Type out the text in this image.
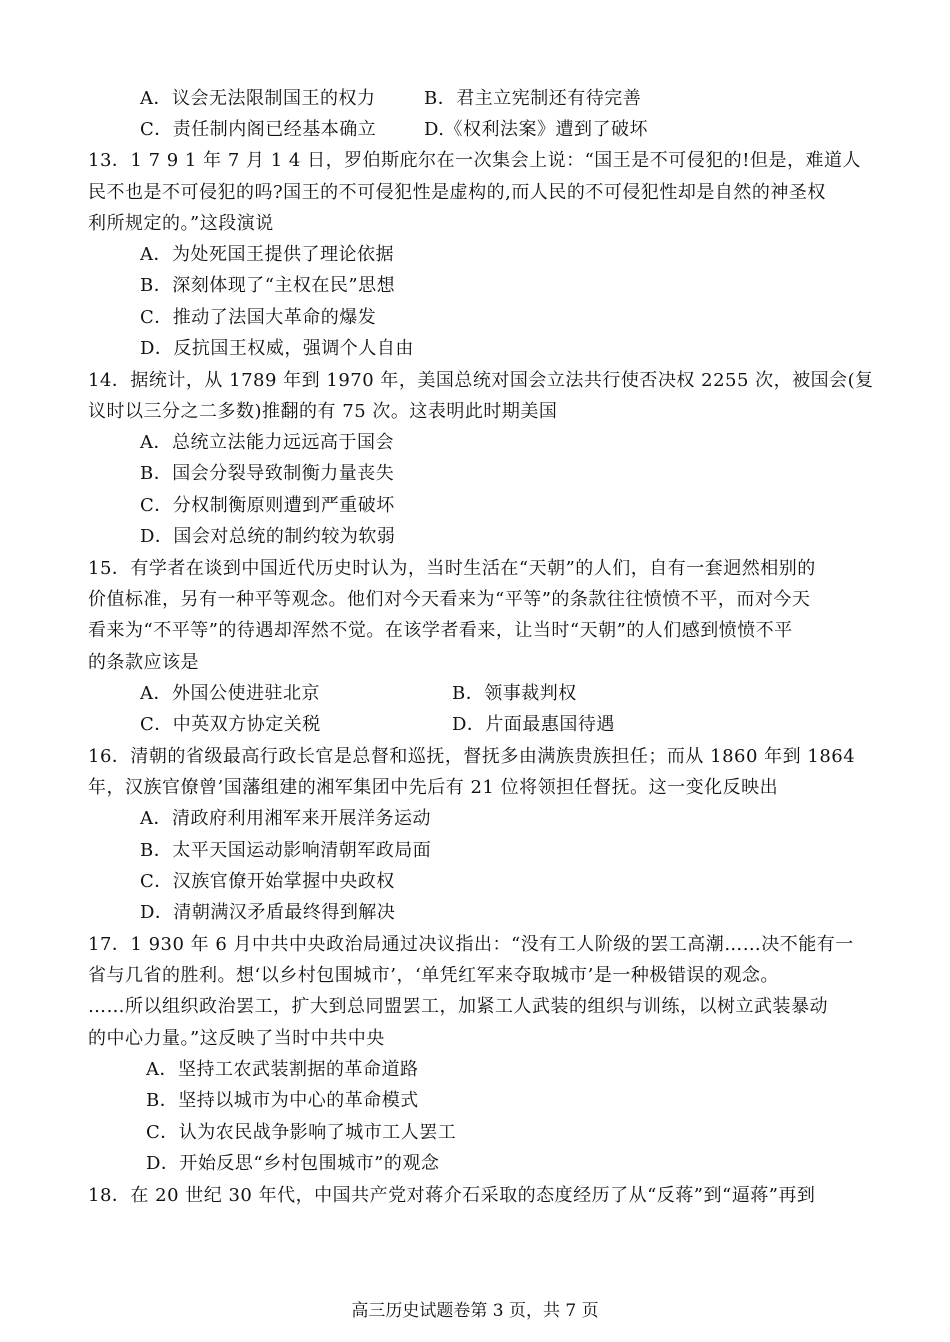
A．议会无法限制国王的权力	B．君主立宪制还有待完善
C．责任制内阁已经基本确立	D.《权利法案》遭到了破坏
13．1 7 9 1 年 7 月 1 4 日，罗伯斯庇尔在一次集会上说：“国王是不可侵犯的!但是，难道人
民不也是不可侵犯的吗?国王的不可侵犯性是虚构的,而人民的不可侵犯性却是自然的神圣权
利所规定的。”这段演说
A．为处死国王提供了理论依据
B．深刻体现了“主权在民”思想
C．推动了法国大革命的爆发
D．反抗国王权威，强调个人自由
14．据统计，从 1789 年到 1970 年，美国总统对国会立法共行使否决权 2255 次，被国会(复
议时以三分之二多数)推翻的有 75 次。这表明此时期美国
A．总统立法能力远远高于国会
B．国会分裂导致制衡力量丧失
C．分权制衡原则遭到严重破坏
D．国会对总统的制约较为软弱
15．有学者在谈到中国近代历史时认为，当时生活在“天朝”的人们，自有一套迥然相别的
价值标准，另有一种平等观念。他们对今天看来为“平等”的条款往往愤愤不平，而对今天
看来为“不平等”的待遇却浑然不觉。在该学者看来，让当时“天朝”的人们感到愤愤不平
的条款应该是
A．外国公使进驻北京	B．领事裁判权
C．中英双方协定关税	D．片面最惠国待遇
16．清朝的省级最高行政长官是总督和巡抚，督抚多由满族贵族担任；而从 1860 年到 1864
年，汉族官僚曾’国藩组建的湘军集团中先后有 21 位将领担任督抚。这一变化反映出
A．清政府利用湘军来开展洋务运动
B．太平天国运动影响清朝军政局面
C．汉族官僚开始掌握中央政权
D．清朝满汉矛盾最终得到解决
17．1 930 年 6 月中共中央政治局通过决议指出：“没有工人阶级的罢工高潮……决不能有一
省与几省的胜利。想‘以乡村包围城市’，‘单凭红军来夺取城市’是一种极错误的观念。
……所以组织政治罢工，扩大到总同盟罢工，加紧工人武装的组织与训练，以树立武装暴动
的中心力量。”这反映了当时中共中央
A．坚持工农武装割据的革命道路
B．坚持以城市为中心的革命模式
C．认为农民战争影响了城市工人罢工
D．开始反思“乡村包围城市”的观念
18．在 20 世纪 30 年代，中国共产党对蒋介石采取的态度经历了从“反蒋”到“逼蒋”再到
高三历史试题卷第 3 页，共 7 页
